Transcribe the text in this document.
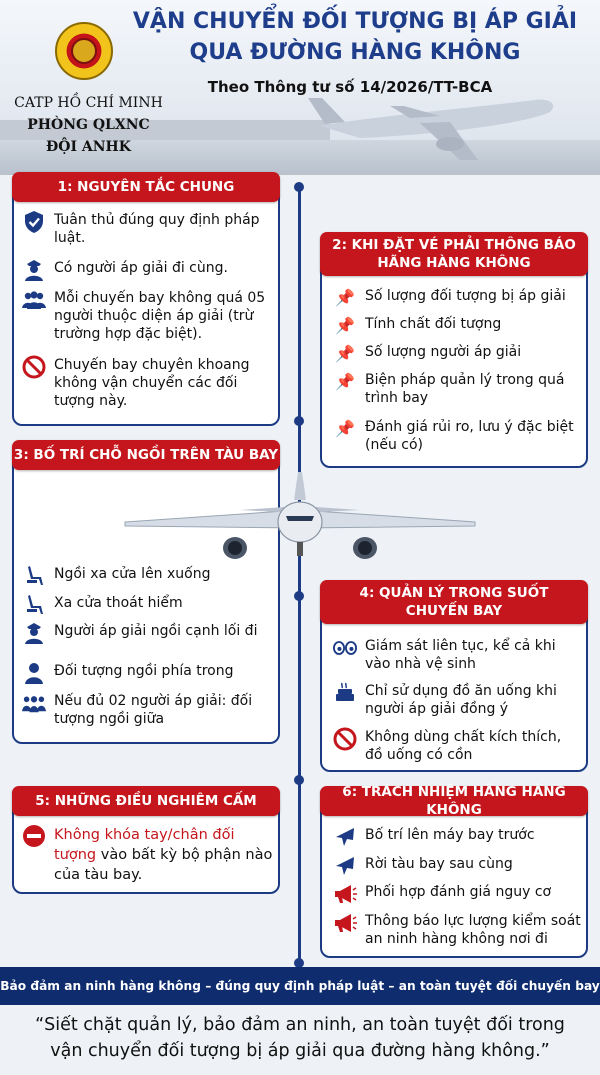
VẬN CHUYỂN ĐỐI TƯỢNG BỊ ÁP GIẢI
QUA ĐƯỜNG HÀNG KHÔNG
Theo Thông tư số 14/2026/TT-BCA
CATP HỒ CHÍ MINH
PHÒNG QLXNC
ĐỘI ANHK
1: NGUYÊN TẮC CHUNG
Tuân thủ đúng quy định pháp luật.
Có người áp giải đi cùng.
Mỗi chuyến bay không quá 05 người thuộc diện áp giải (trừ trường hợp đặc biệt).
Chuyến bay chuyên khoang không vận chuyển các đối tượng này.
2: KHI ĐẶT VÉ PHẢI THÔNG BÁO
HÃNG HÀNG KHÔNG
📌 Số lượng đối tượng bị áp giải
📌 Tính chất đối tượng
📌 Số lượng người áp giải
📌 Biện pháp quản lý trong quá trình bay
📌 Đánh giá rủi ro, lưu ý đặc biệt (nếu có)
3: BỐ TRÍ CHỖ NGỒI TRÊN TÀU BAY
Ngồi xa cửa lên xuống
Xa cửa thoát hiểm
Người áp giải ngồi cạnh lối đi
Đối tượng ngồi phía trong
Nếu đủ 02 người áp giải: đối tượng ngồi giữa
4: QUẢN LÝ TRONG SUỐT
CHUYẾN BAY
Giám sát liên tục, kể cả khi vào nhà vệ sinh
Chỉ sử dụng đồ ăn uống khi người áp giải đồng ý
Không dùng chất kích thích, đồ uống có cồn
5: NHỮNG ĐIỀU NGHIÊM CẤM
Không khóa tay/chân đối tượng vào bất kỳ bộ phận nào của tàu bay.
6: TRÁCH NHIỆM HÃNG HÀNG KHÔNG
Bố trí lên máy bay trước
Rời tàu bay sau cùng
Phối hợp đánh giá nguy cơ
Thông báo lực lượng kiểm soát an ninh hàng không nơi đi
Bảo đảm an ninh hàng không – đúng quy định pháp luật – an toàn tuyệt đối chuyến bay
“Siết chặt quản lý, bảo đảm an ninh, an toàn tuyệt đối trong vận chuyển đối tượng bị áp giải qua đường hàng không.”
